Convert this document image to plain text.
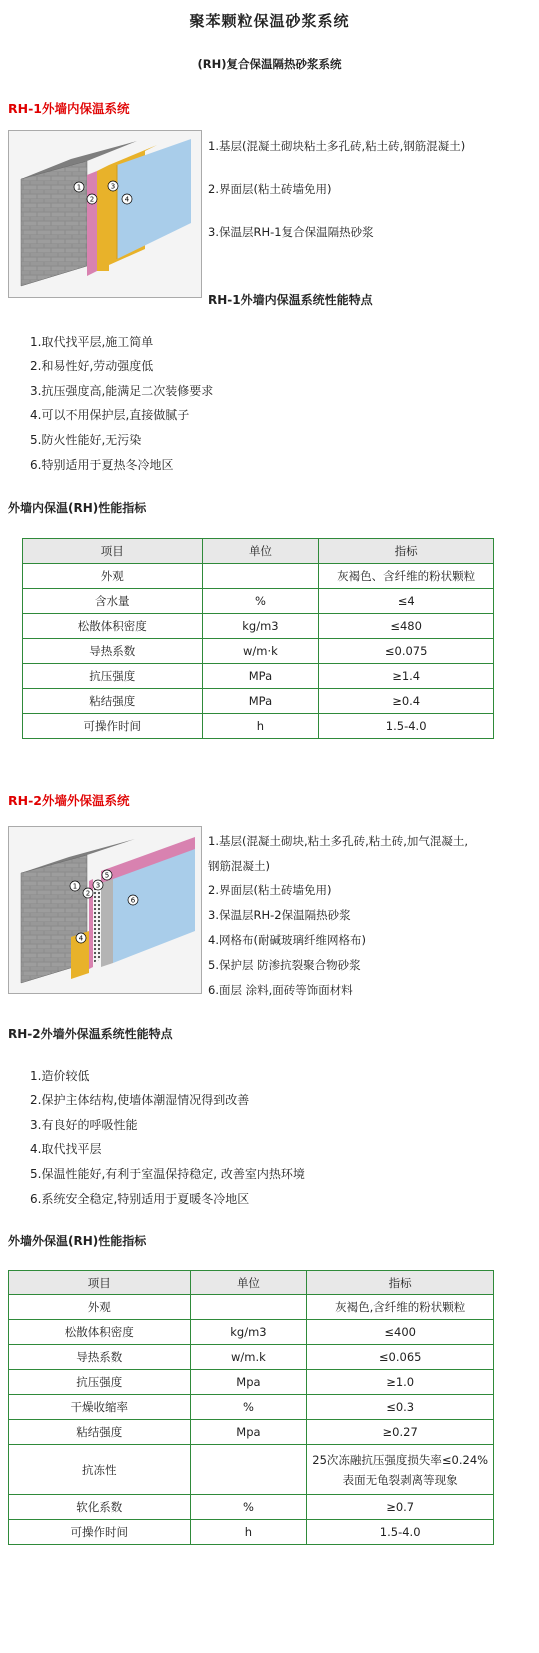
聚苯颗粒保温砂浆系统
(RH)复合保温隔热砂浆系统
RH-1外墙内保温系统
1
2
3
4
1.基层(混凝土砌块粘土多孔砖,粘土砖,钢筋混凝土)
2.界面层(粘土砖墙免用)
3.保温层RH-1复合保温隔热砂浆
RH-1外墙内保温系统性能特点
1.取代找平层,施工简单
2.和易性好,劳动强度低
3.抗压强度高,能满足二次装修要求
4.可以不用保护层,直接做腻子
5.防火性能好,无污染
6.特别适用于夏热冬冷地区
外墙内保温(RH)性能指标
项目	单位	指标
外观		灰褐色、含纤维的粉状颗粒
含水量	%	≤4
松散体积密度	kg/m3	≤480
导热系数	w/m·k	≤0.075
抗压强度	MPa	≥1.4
粘结强度	MPa	≥0.4
可操作时间	h	1.5-4.0
RH-2外墙外保温系统
1
2
3
4
5
6
1.基层(混凝土砌块,粘土多孔砖,粘土砖,加气混凝土,
钢筋混凝土)
2.界面层(粘土砖墙免用)
3.保温层RH-2保温隔热砂浆
4.网格布(耐碱玻璃纤维网格布)
5.保护层 防渗抗裂聚合物砂浆
6.面层 涂料,面砖等饰面材料
RH-2外墙外保温系统性能特点
1.造价较低
2.保护主体结构,使墙体潮湿情况得到改善
3.有良好的呼吸性能
4.取代找平层
5.保温性能好,有利于室温保持稳定, 改善室内热环境
6.系统安全稳定,特别适用于夏暖冬冷地区
外墙外保温(RH)性能指标
项目	单位	指标
外观		灰褐色,含纤维的粉状颗粒
松散体积密度	kg/m3	≤400
导热系数	w/m.k	≤0.065
抗压强度	Mpa	≥1.0
干燥收缩率	%	≤0.3
粘结强度	Mpa	≥0.27
抗冻性		25次冻融抗压强度损失率≤0.24%
表面无龟裂剥离等现象
软化系数	%	≥0.7
可操作时间	h	1.5-4.0
